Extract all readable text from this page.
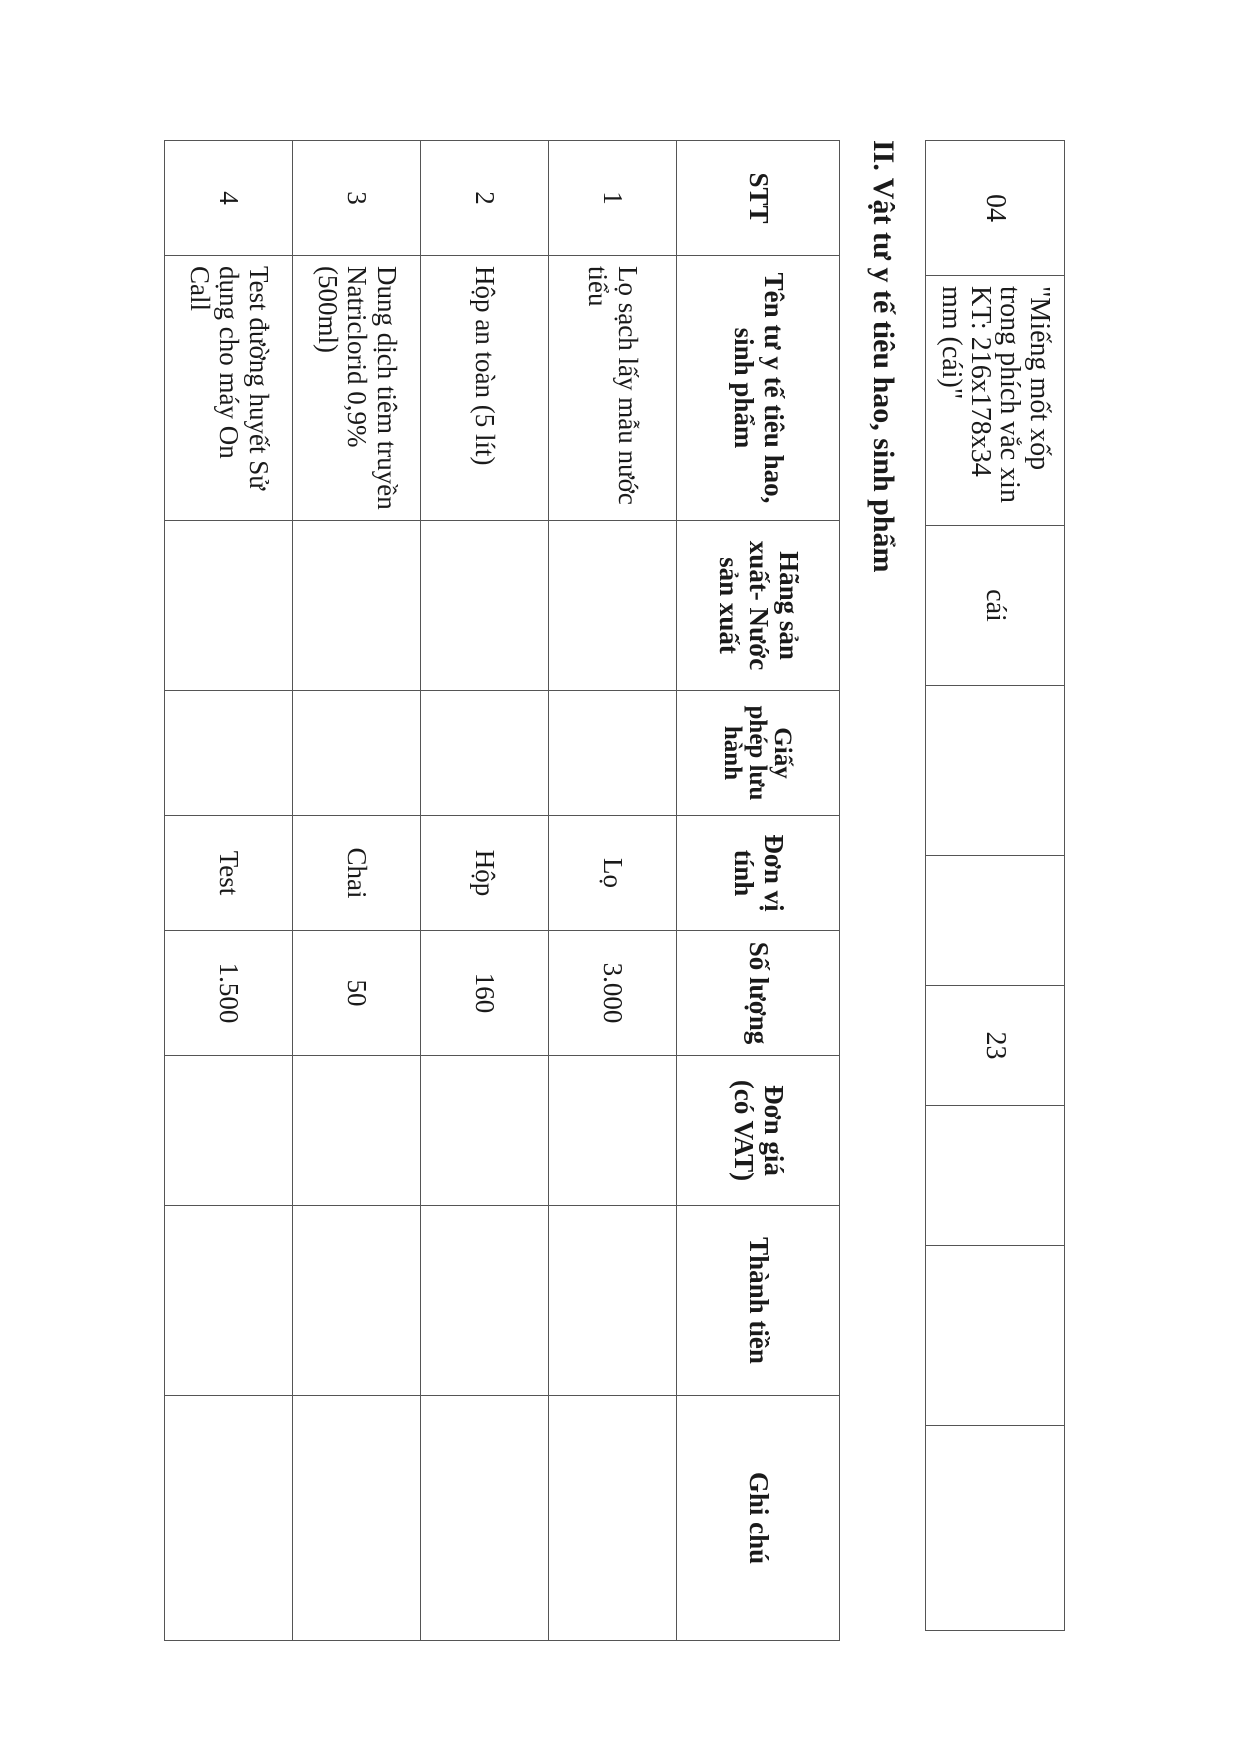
04	"Miếng mốt xốp trong phích vắc xin KT: 216x178x34 mm (cái)"	cái			23			
II. Vật tư y tế tiêu hao, sinh phẩm
STT	Tên tư y tế tiêu hao, sinh phẩm	Hãng sản xuất- Nước sản xuất	Giấy phép lưu hành	Đơn vị tính	Số lượng	Đơn giá (có VAT)	Thành tiền	Ghi chú
1	Lọ sạch lấy mẫu nước tiểu			Lọ	3.000			
2	Hộp an toàn (5 lít)			Hộp	160			
3	Dung dịch tiêm truyền Natriclorid 0,9% (500ml)			Chai	50			
4	Test đường huyết Sử dụng cho máy On Call			Test	1.500			
